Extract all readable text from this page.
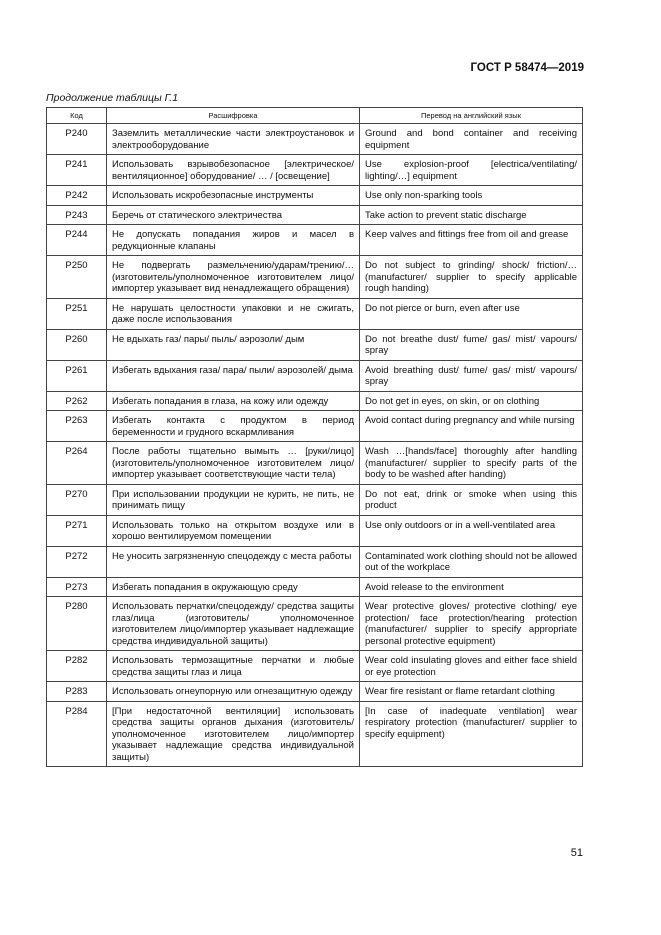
ГОСТ Р 58474—2019
Продолжение таблицы Г.1
Код	Расшифровка	Перевод на английский язык
P240	Заземлить металлические части электроустановок и электрооборудование	Ground and bond container and receiving equipment
P241	Использовать взрывобезопасное [электрическое/ вентиляционное] оборудование/ … / [освещение]	Use explosion-proof [electrica/ventilating/ lighting/…] equipment
P242	Использовать искробезопасные инструменты	Use only non-sparking tools
P243	Беречь от статического электричества	Take action to prevent static discharge
P244	Не допускать попадания жиров и масел в редукционные клапаны	Keep valves and fittings free from oil and grease
P250	Не подвергать размельчению/ударам/трению/… (изготовитель/уполномоченное изготовителем лицо/импортер указывает вид ненадлежащего обращения)	Do not subject to grinding/ shock/ friction/… (manufacturer/ supplier to specify applicable rough handing)
P251	Не нарушать целостности упаковки и не сжигать, даже после использования	Do not pierce or burn, even after use
P260	Не вдыхать газ/ пары/ пыль/ аэрозоли/ дым	Do not breathe dust/ fume/ gas/ mist/ vapours/ spray
P261	Избегать вдыхания газа/ пара/ пыли/ аэрозолей/ дыма	Avoid breathing dust/ fume/ gas/ mist/ vapours/ spray
P262	Избегать попадания в глаза, на кожу или одежду	Do not get in eyes, on skin, or on clothing
P263	Избегать контакта с продуктом в период беременности и грудного вскармливания	Avoid contact during pregnancy and while nursing
P264	После работы тщательно вымыть … [руки/лицо] (изготовитель/уполномоченное изготовителем лицо/импортер указывает соответствующие части тела)	Wash …[hands/face] thoroughly after handling (manufacturer/ supplier to specify parts of the body to be washed after handing)
P270	При использовании продукции не курить, не пить, не принимать пищу	Do not eat, drink or smoke when using this product
P271	Использовать только на открытом воздухе или в хорошо вентилируемом помещении	Use only outdoors or in a well-ventilated area
P272	Не уносить загрязненную спецодежду с места работы	Contaminated work clothing should not be allowed out of the workplace
P273	Избегать попадания в окружающую среду	Avoid release to the environment
P280	Использовать перчатки/спецодежду/ средства защиты глаз/лица (изготовитель/ уполномоченное изготовителем лицо/импортер указывает надлежащие средства индивидуальной защиты)	Wear protective gloves/ protective clothing/ eye protection/ face protection/hearing protection (manufacturer/ supplier to specify appropriate personal protective equipment)
P282	Использовать термозащитные перчатки и любые средства защиты глаз и лица	Wear cold insulating gloves and either face shield or eye protection
P283	Использовать огнеупорную или огнезащитную одежду	Wear fire resistant or flame retardant clothing
P284	[При недостаточной вентиляции] использовать средства защиты органов дыхания (изготовитель/ уполномоченное изготовителем лицо/импортер указывает надлежащие средства индивидуальной защиты)	[In case of inadequate ventilation] wear respiratory protection (manufacturer/ supplier to specify equipment)
51
